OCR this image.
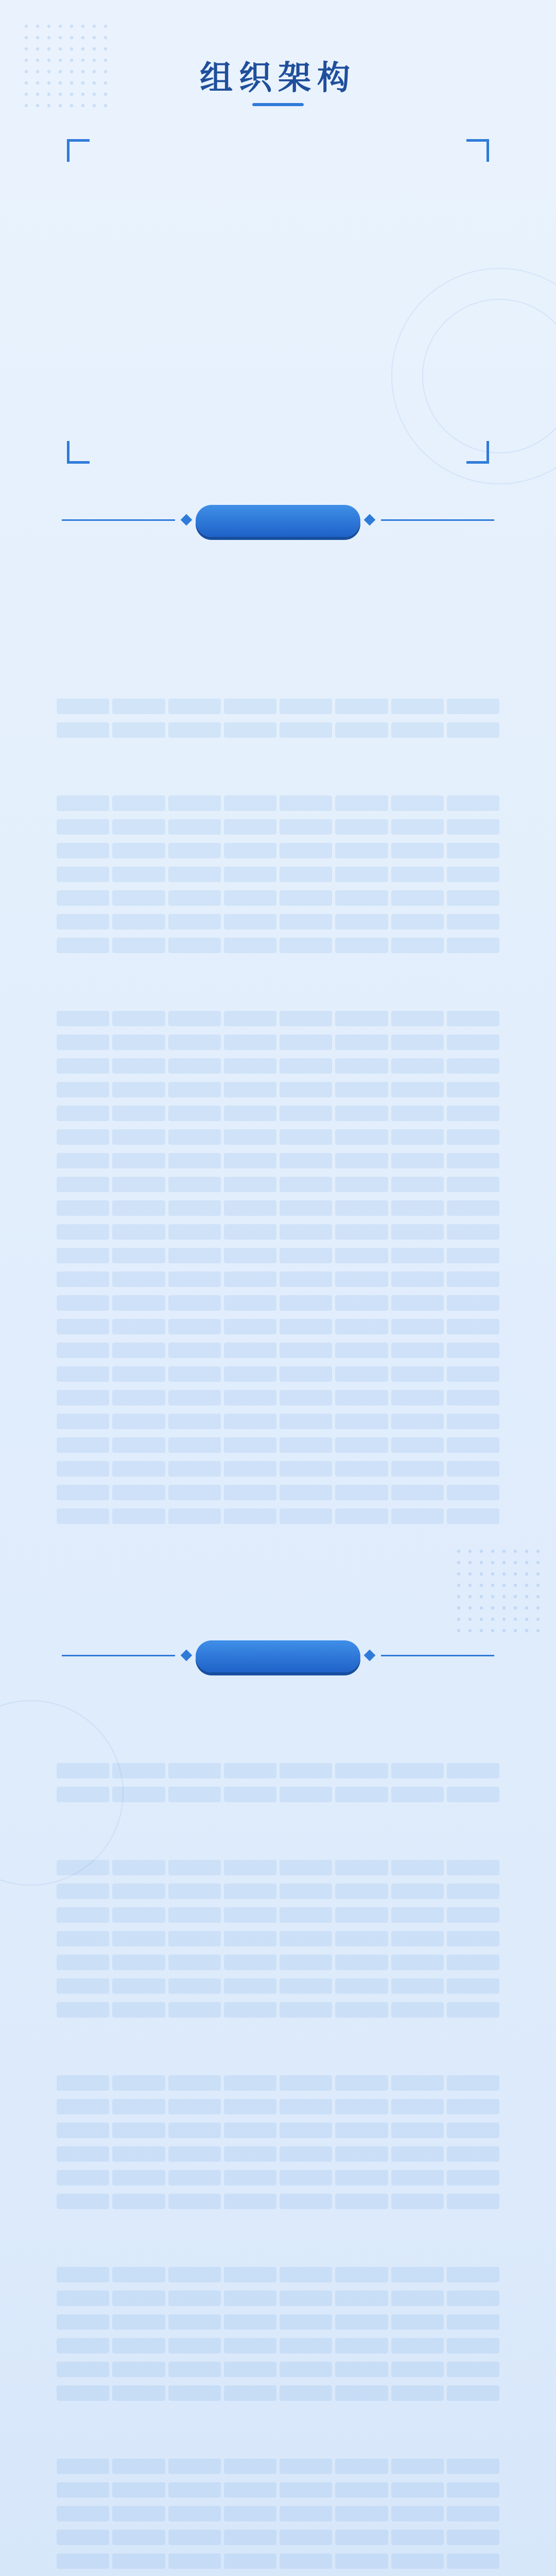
组织架构
